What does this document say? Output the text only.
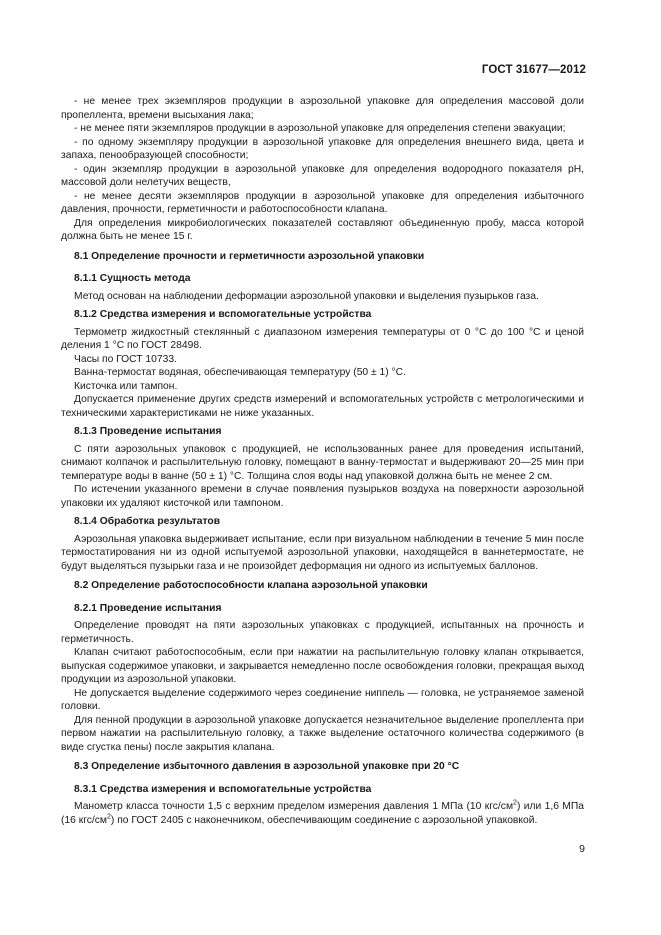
ГОСТ 31677—2012

- не менее трех экземпляров продукции в аэрозольной упаковке для определения массовой доли пропеллента, времени высыхания лака;

- не менее пяти экземпляров продукции в аэрозольной упаковке для определения степени эвакуации;

- по одному экземпляру продукции в аэрозольной упаковке для определения внешнего вида, цвета и запаха, пенообразующей способности;

- один экземпляр продукции в аэрозольной упаковке для определения водородного показателя pH, массовой доли нелетучих веществ,

- не менее десяти экземпляров продукции в аэрозольной упаковке для определения избыточного давления, прочности, герметичности и работоспособности клапана.

Для определения микробиологических показателей составляют объединенную пробу, масса которой должна быть не менее 15 г.

8.1 Определение прочности и герметичности аэрозольной упаковки

8.1.1 Сущность метода

Метод основан на наблюдении деформации аэрозольной упаковки и выделения пузырьков газа.

8.1.2 Средства измерения и вспомогательные устройства

Термометр жидкостный стеклянный с диапазоном измерения температуры от 0 °С до 100 °С и ценой деления 1 °С по ГОСТ 28498.

Часы по ГОСТ 10733.

Ванна-термостат водяная, обеспечивающая температуру (50 ± 1) °С.

Кисточка или тампон.

Допускается применение других средств измерений и вспомогательных устройств с метрологическими и техническими характеристиками не ниже указанных.

8.1.3 Проведение испытания

С пяти аэрозольных упаковок с продукцией, не использованных ранее для проведения испытаний, снимают колпачок и распылительную головку, помещают в ванну-термостат и выдерживают 20—25 мин при температуре воды в ванне (50 ± 1) °С. Толщина слоя воды над упаковкой должна быть не менее 2 см.

По истечении указанного времени в случае появления пузырьков воздуха на поверхности аэрозольной упаковки их удаляют кисточкой или тампоном.

8.1.4 Обработка результатов

Аэрозольная упаковка выдерживает испытание, если при визуальном наблюдении в течение 5 мин после термостатирования ни из одной испытуемой аэрозольной упаковки, находящейся в ваннетермостате, не будут выделяться пузырьки газа и не произойдет деформация ни одного из испытуемых баллонов.

8.2 Определение работоспособности клапана аэрозольной упаковки

8.2.1 Проведение испытания

Определение проводят на пяти аэрозольных упаковках с продукцией, испытанных на прочность и герметичность.

Клапан считают работоспособным, если при нажатии на распылительную головку клапан открывается, выпуская содержимое упаковки, и закрывается немедленно после освобождения головки, прекращая выход продукции из аэрозольной упаковки.

Не допускается выделение содержимого через соединение ниппель — головка, не устраняемое заменой головки.

Для пенной продукции в аэрозольной упаковке допускается незначительное выделение пропеллента при первом нажатии на распылительную головку, а также выделение остаточного количества содержимого (в виде сгустка пены) после закрытия клапана.

8.3 Определение избыточного давления в аэрозольной упаковке при 20 °С

8.3.1 Средства измерения и вспомогательные устройства

Манометр класса точности 1,5 с верхним пределом измерения давления 1 МПа (10 кгс/$см^2$) или 1,6 МПа (16 кгс/$см^2$) по ГОСТ 2405 с наконечником, обеспечивающим соединение с аэрозольной упаковкой.

9
